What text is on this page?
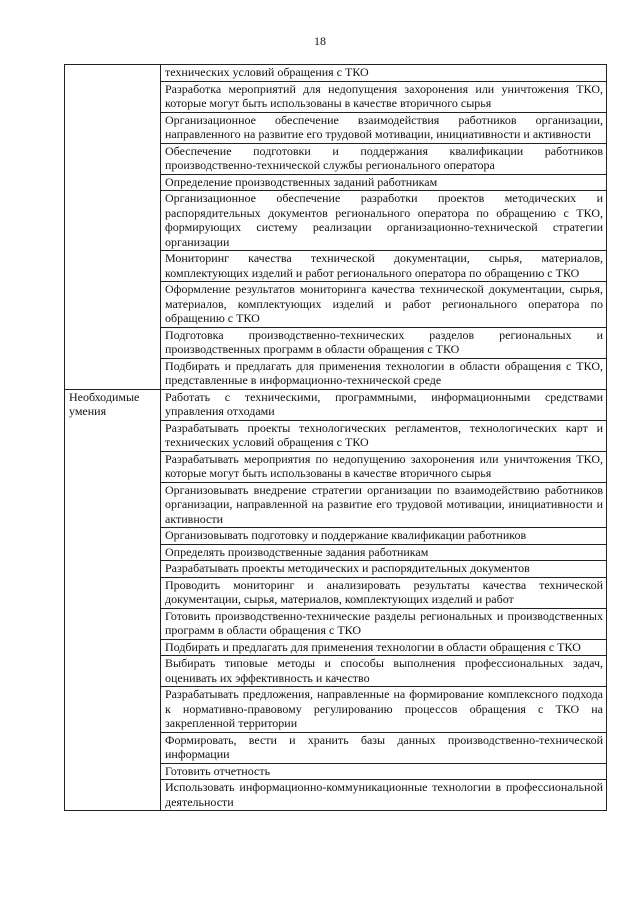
18

	технических условий обращения с ТКО

	Разработка мероприятий для недопущения захоронения или уничтожения ТКО, которые могут быть использованы в качестве вторичного сырья

	Организационное обеспечение взаимодействия работников организации, направленного на развитие его трудовой мотивации, инициативности и активности

	Обеспечение подготовки и поддержания квалификации работников производственно-технической службы регионального оператора

	Определение производственных заданий работникам

	Организационное обеспечение разработки проектов методических и распорядительных документов регионального оператора по обращению с ТКО, формирующих систему реализации организационно-технической стратегии организации

	Мониторинг качества технической документации, сырья, материалов, комплектующих изделий и работ регионального оператора по обращению с ТКО

	Оформление результатов мониторинга качества технической документации, сырья, материалов, комплектующих изделий и работ регионального оператора по обращению с ТКО

	Подготовка производственно-технических разделов региональных и производственных программ в области обращения с ТКО

	Подбирать и предлагать для применения технологии в области обращения с ТКО, представленные в информационно-технической среде

Необходимые умения	Работать с техническими, программными, информационными средствами управления отходами

	Разрабатывать проекты технологических регламентов, технологических карт и технических условий обращения с ТКО

	Разрабатывать мероприятия по недопущению захоронения или уничтожения ТКО, которые могут быть использованы в качестве вторичного сырья

	Организовывать внедрение стратегии организации по взаимодействию работников организации, направленной на развитие его трудовой мотивации, инициативности и активности

	Организовывать подготовку и поддержание квалификации работников

	Определять производственные задания работникам

	Разрабатывать проекты методических и распорядительных документов

	Проводить мониторинг и анализировать результаты качества технической документации, сырья, материалов, комплектующих изделий и работ

	Готовить производственно-технические разделы региональных и производственных программ в области обращения с ТКО

	Подбирать и предлагать для применения технологии в области обращения с ТКО

	Выбирать типовые методы и способы выполнения профессиональных задач, оценивать их эффективность и качество

	Разрабатывать предложения, направленные на формирование комплексного подхода к нормативно-правовому регулированию процессов обращения с ТКО на закрепленной территории

	Формировать, вести и хранить базы данных производственно-технической информации

	Готовить отчетность

	Использовать информационно-коммуникационные технологии в профессиональной деятельности
